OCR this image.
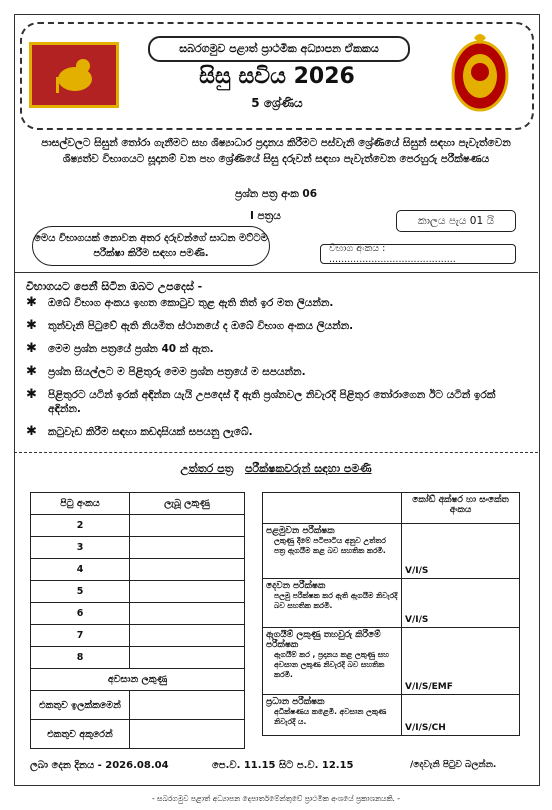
සබරගමුව පළාත් ප්‍රාථමික අධ්‍යාපන ඒකකය
සිසු සවිය 2026
5 ශ්‍රේණිය
පාසල්වලට සිසුන් තෝරා ගැනීමට සහ ශිෂ්‍යාධාර ප්‍රදානය කිරීමට පස්වැනි ශ්‍රේණියේ සිසුන් සඳහා පැවැත්වෙන ශිෂ්‍යත්ව විභාගයට සූදානම් වන පහ ශ්‍රේණියේ සිසු දරුවන් සඳහා පැවැත්වෙන පෙරහුරු පරීක්ෂණය
ප්‍රශ්න පත්‍ර අංක 06
I පත්‍රය	කාලය පැය 01 යි
මෙය විභාගයක් නොවන අතර දරුවන්ගේ සාධන මට්ටම පරීක්ෂා කිරීම සඳහා පමණි.	විභාග අංකය : ..........................................
විභාගයට පෙනී සිටින ඔබට උපදෙස් -
✱	ඔබේ විභාග අංකය ඉහත කොටුව තුළ ඇති තිත් ඉර මත ලියන්න.
✱	තුන්වැනි පිටුවේ ඇති නියමිත ස්ථානයේ ද ඔබේ විභාග අංකය ලියන්න.
✱	මෙම ප්‍රශ්න පත්‍රයේ ප්‍රශ්න 40 ක් ඇත.
✱	ප්‍රශ්න සියල්ලට ම පිළිතුරු මෙම ප්‍රශ්න පත්‍රයේ ම සපයන්න.
✱	පිළිතුරට යටින් ඉරක් අඳින්න යැයි උපදෙස් දී ඇති ප්‍රශ්නවල නිවැරදි පිළිතුර තෝරාගෙන ඊට යටින් ඉරක් අඳින්න.
✱	කටුවැඩ කිරීම සඳහා කඩදාසියක් සපයනු ලැබේ.
උත්තර පත්‍ර පරීක්ෂකවරුන් සඳහා පමණි
පිටු අංකය	ලැබූ ලකුණු
2	
3	
4	
5	
6	
7	
8	
අවසාන ලකුණු	
එකතුව ඉලක්කමෙන්	
එකතුව අකුරෙන්	
	කෝඩ් අක්ෂර හා සංකේත අංකය

පළමුවන පරීක්ෂක
ලකුණු දීමේ පටිපාටිය අනුව උත්තර පත්‍ර ඇගයීම කළ බව සහතික කරමි.	V/I/S

දෙවන පරීක්ෂක
පලමු පරීක්ෂක කර ඇති ඇගයීම නිවැරදි බව සහතික කරමි.	V/I/S

ඇගයීම් ලකුණු තහවුරු කිරීමේ පරීක්ෂක
ඇගයීම් කර , ප්‍රදානය කළ ලකුණු සහ අවසාන ලකුණ නිවැරදි බව සහතික කරමි.	V/I/S/EMF

ප්‍රධාන පරීක්ෂක
අධීක්ෂණය කළෙමි. අවසාන ලකුණ නිවැරදි ය.	V/I/S/CH
ලබා දෙන දිනය - 2026.08.04	පෙ.ව. 11.15 සිට ප.ව. 12.15	/දෙවැනි පිටුව බලන්න.
- සබරගමුව පළාත් අධ්‍යාපන දෙපාර්තමේන්තුවේ ප්‍රාථමික අංශයේ ප්‍රකාශනයකි. -
